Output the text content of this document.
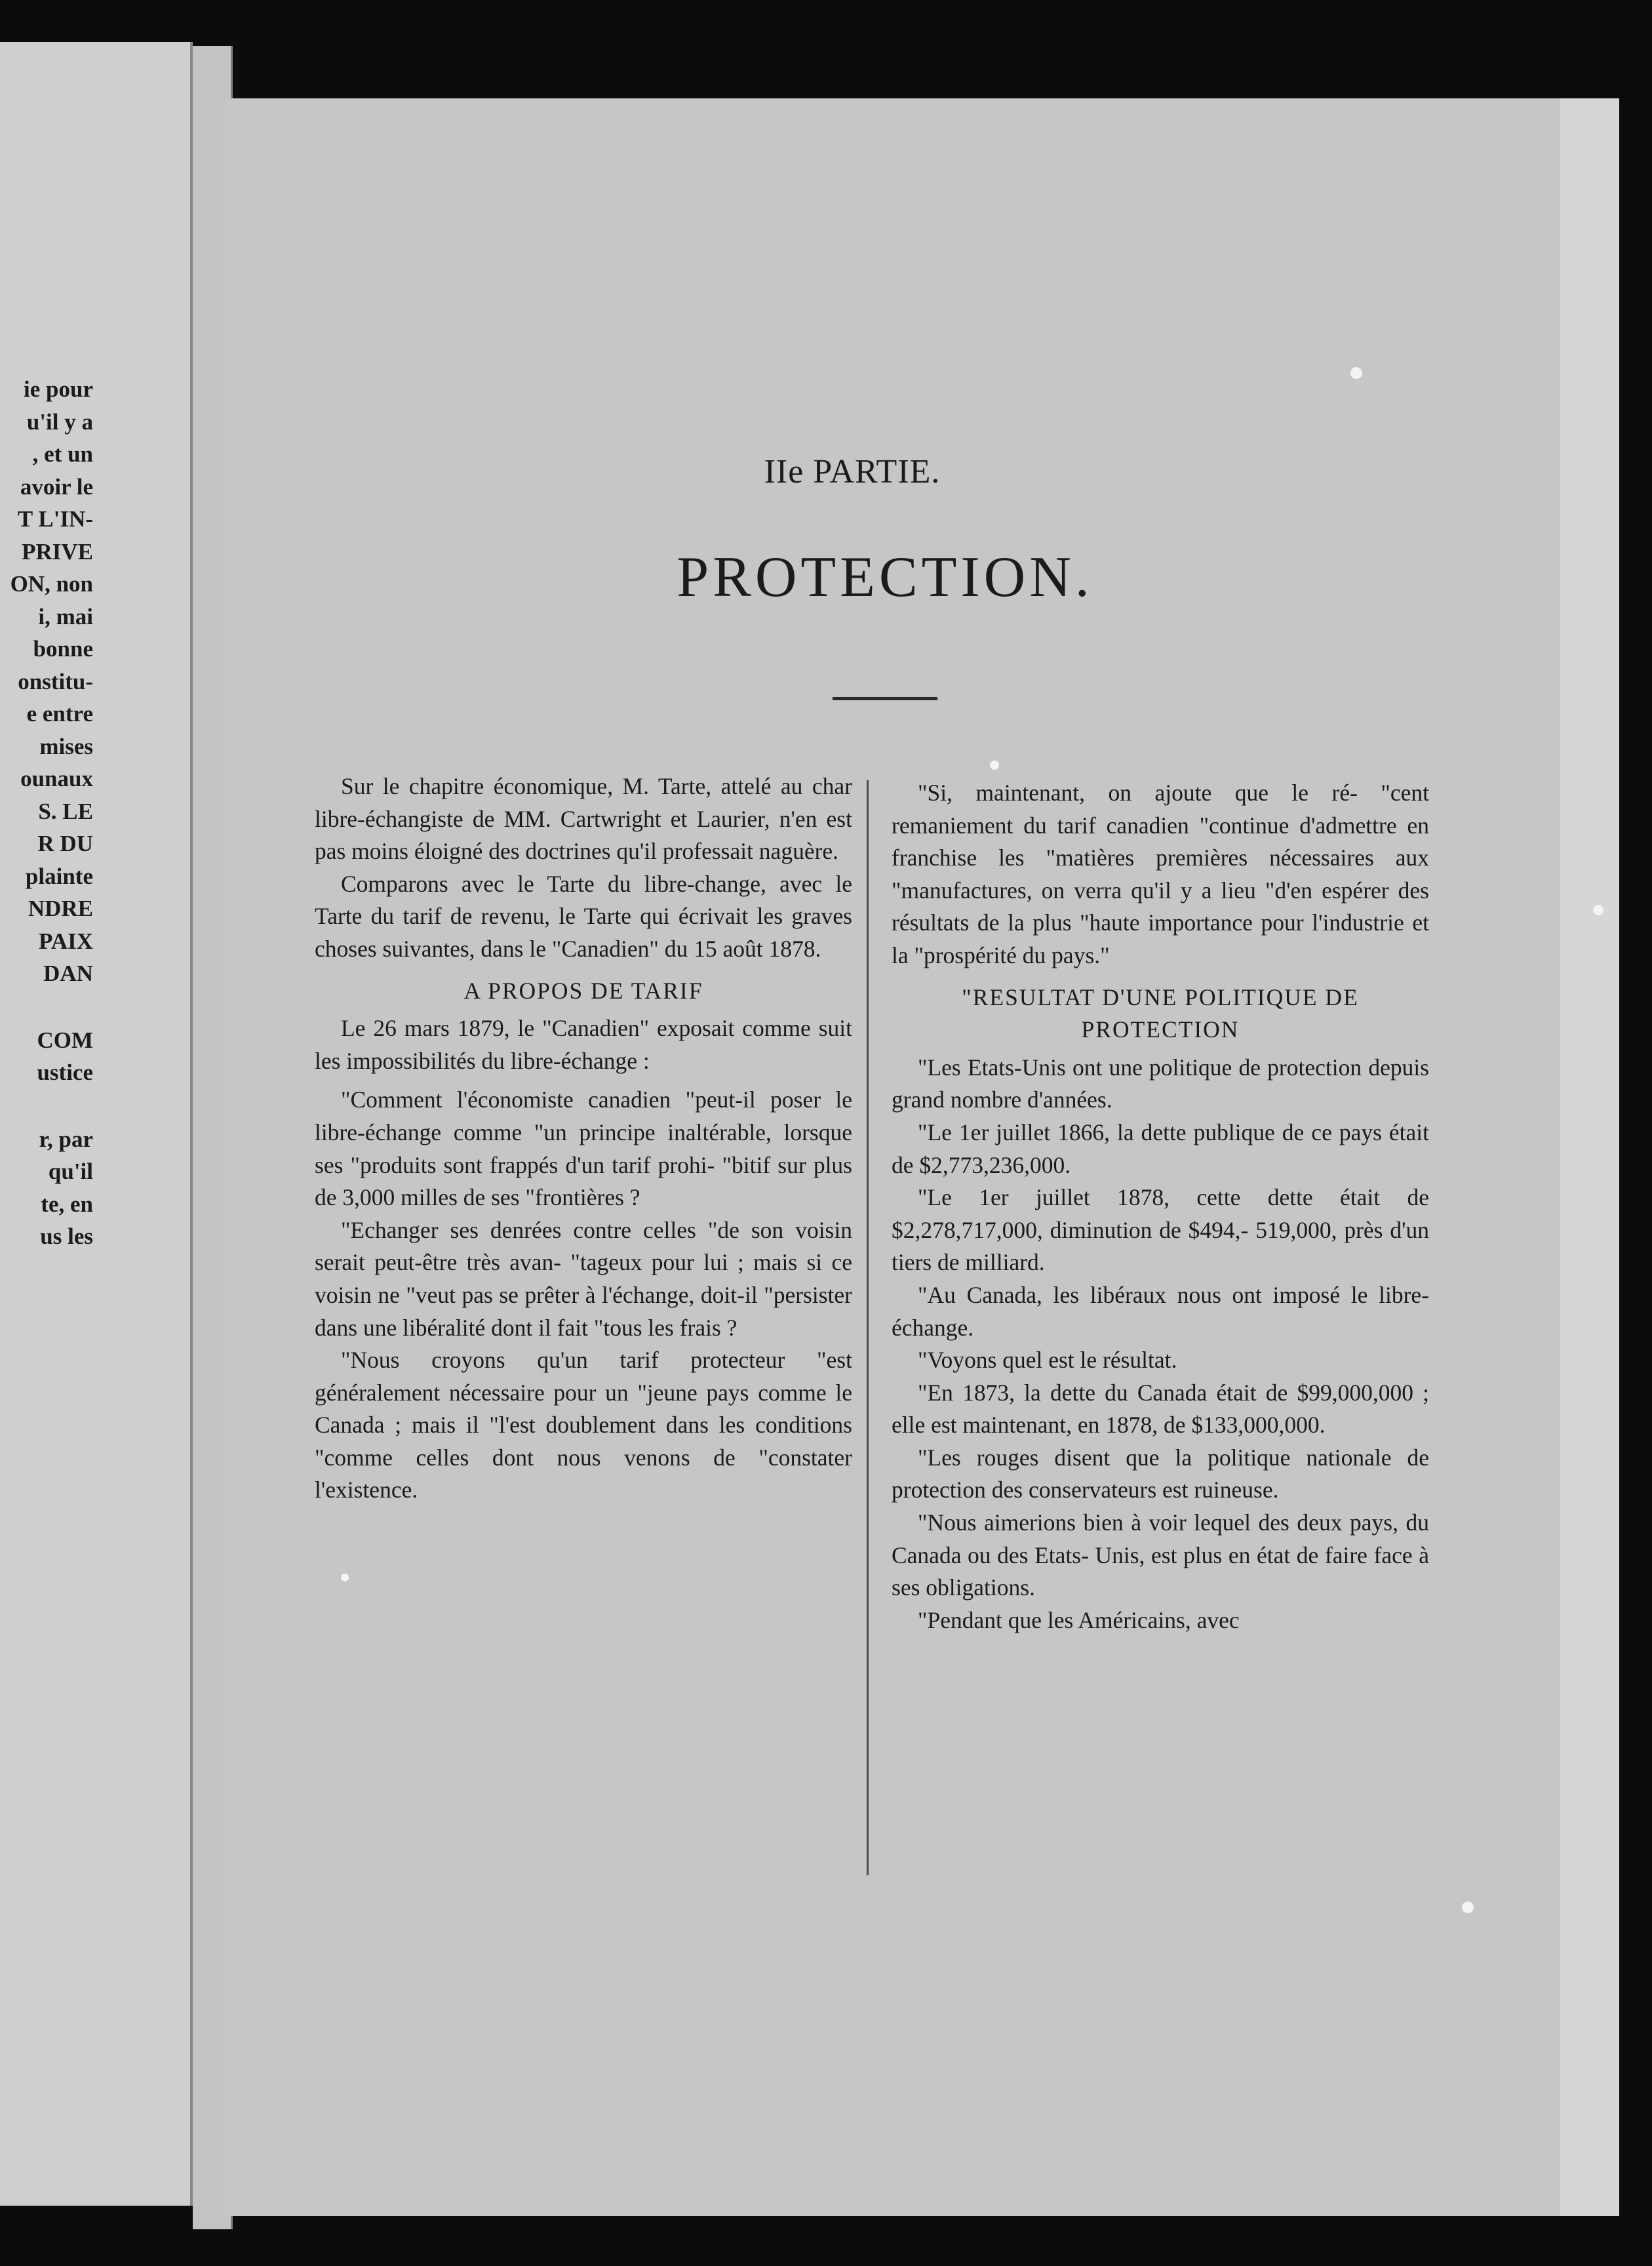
ie pour
u'il y a
, et un
avoir le
T L'IN-
PRIVE
ON, non
i, mai
bonne
onstitu-
e entre
mises
ounaux
S. LE
R DU
plainte
NDRE
PAIX
DAN
COM
ustice
r, par
qu'il
te, en
us les
IIe PARTIE.
PROTECTION.

Sur le chapitre économique, M. Tarte, attelé au char libre-échangiste de MM. Cartwright et Laurier, n'en est pas moins éloigné des doctrines qu'il professait naguère.

Comparons avec le Tarte du libre-change, avec le Tarte du tarif de revenu, le Tarte qui écrivait les graves choses suivantes, dans le "Canadien" du 15 août 1878.

A PROPOS DE TARIF

Le 26 mars 1879, le "Canadien" exposait comme suit les impossibilités du libre-échange :

"Comment l'économiste canadien "peut-il poser le libre-échange comme "un principe inaltérable, lorsque ses "produits sont frappés d'un tarif prohi- "bitif sur plus de 3,000 milles de ses "frontières ?

"Echanger ses denrées contre celles "de son voisin serait peut-être très avan- "tageux pour lui ; mais si ce voisin ne "veut pas se prêter à l'échange, doit-il "persister dans une libéralité dont il fait "tous les frais ?

"Nous croyons qu'un tarif protecteur "est généralement nécessaire pour un "jeune pays comme le Canada ; mais il "l'est doublement dans les conditions "comme celles dont nous venons de "constater l'existence.

"Si, maintenant, on ajoute que le ré- "cent remaniement du tarif canadien "continue d'admettre en franchise les "matières premières nécessaires aux "manufactures, on verra qu'il y a lieu "d'en espérer des résultats de la plus "haute importance pour l'industrie et la "prospérité du pays."

"RESULTAT D'UNE POLITIQUE DE PROTECTION

"Les Etats-Unis ont une politique de protection depuis grand nombre d'années.

"Le 1er juillet 1866, la dette publique de ce pays était de $2,773,236,000.

"Le 1er juillet 1878, cette dette était de $2,278,717,000, diminution de $494,- 519,000, près d'un tiers de milliard.

"Au Canada, les libéraux nous ont imposé le libre-échange.

"Voyons quel est le résultat.

"En 1873, la dette du Canada était de $99,000,000 ; elle est maintenant, en 1878, de $133,000,000.

"Les rouges disent que la politique nationale de protection des conservateurs est ruineuse.

"Nous aimerions bien à voir lequel des deux pays, du Canada ou des Etats- Unis, est plus en état de faire face à ses obligations.

"Pendant que les Américains, avec
